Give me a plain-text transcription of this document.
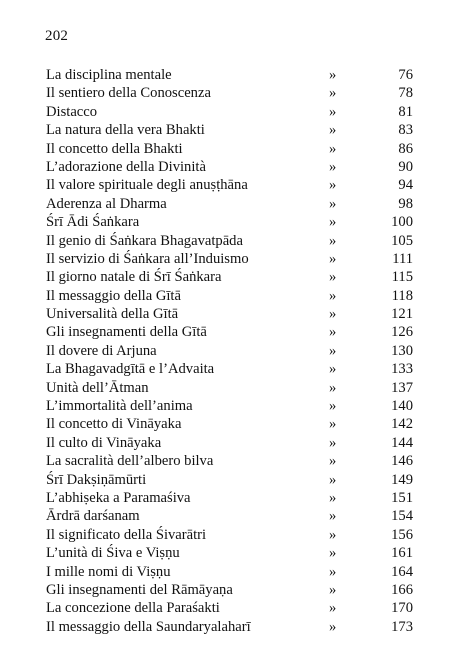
202
La disciplina mentale	»	76
Il sentiero della Conoscenza	»	78
Distacco	»	81
La natura della vera Bhakti	»	83
Il concetto della Bhakti	»	86
L’adorazione della Divinità	»	90
Il valore spirituale degli anuṣṭhāna	»	94
Aderenza al Dharma	»	98
Śrī Ādi Śaṅkara	»	100
Il genio di Śaṅkara Bhagavatpāda	»	105
Il servizio di Śaṅkara all’Induismo	»	111
Il giorno natale di Śrī Śaṅkara	»	115
Il messaggio della Gītā	»	118
Universalità della Gītā	»	121
Gli insegnamenti della Gītā	»	126
Il dovere di Arjuna	»	130
La Bhagavadgītā e l’Advaita	»	133
Unità dell’Ātman	»	137
L’immortalità dell’anima	»	140
Il concetto di Vināyaka	»	142
Il culto di Vināyaka	»	144
La sacralità dell’albero bilva	»	146
Śrī Dakṣiṇāmūrti	»	149
L’abhiṣeka a Paramaśiva	»	151
Ārdrā darśanam	»	154
Il significato della Śivarātri	»	156
L’unità di Śiva e Viṣṇu	»	161
I mille nomi di Viṣṇu	»	164
Gli insegnamenti del Rāmāyaṇa	»	166
La concezione della Paraśakti	»	170
Il messaggio della Saundaryalaharī	»	173
